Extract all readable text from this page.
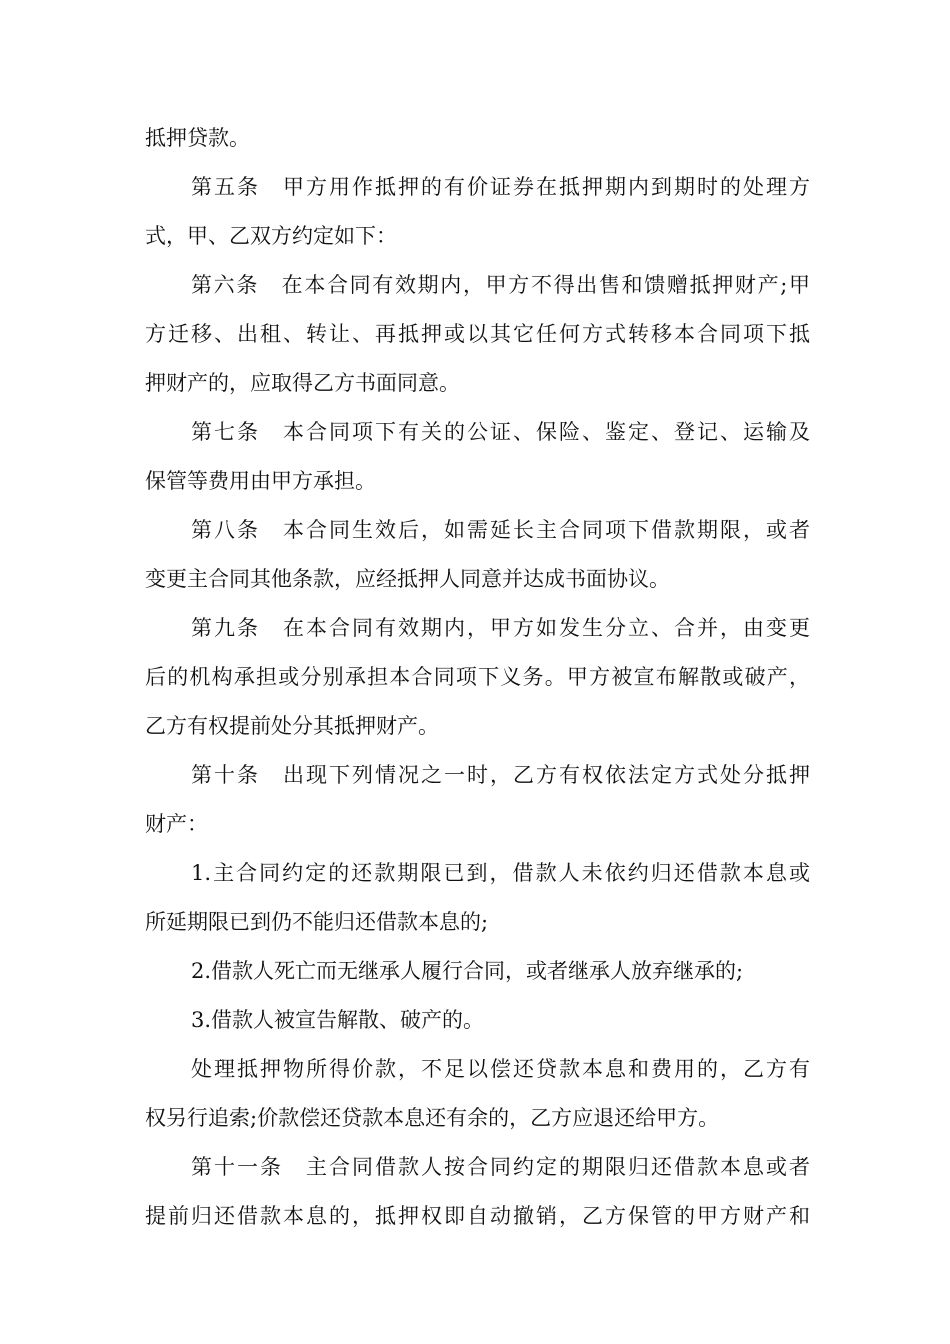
抵押贷款。
第五条　甲方用作抵押的有价证券在抵押期内到期时的处理方
式，甲、乙双方约定如下：
第六条　在本合同有效期内，甲方不得出售和馈赠抵押财产;甲
方迁移、出租、转让、再抵押或以其它任何方式转移本合同项下抵
押财产的，应取得乙方书面同意。
第七条　本合同项下有关的公证、保险、鉴定、登记、运输及
保管等费用由甲方承担。
第八条　本合同生效后，如需延长主合同项下借款期限，或者
变更主合同其他条款，应经抵押人同意并达成书面协议。
第九条　在本合同有效期内，甲方如发生分立、合并，由变更
后的机构承担或分别承担本合同项下义务。甲方被宣布解散或破产，
乙方有权提前处分其抵押财产。
第十条　出现下列情况之一时，乙方有权依法定方式处分抵押
财产：
1.主合同约定的还款期限已到，借款人未依约归还借款本息或
所延期限已到仍不能归还借款本息的;
2.借款人死亡而无继承人履行合同，或者继承人放弃继承的;
3.借款人被宣告解散、破产的。
处理抵押物所得价款，不足以偿还贷款本息和费用的，乙方有
权另行追索;价款偿还贷款本息还有余的，乙方应退还给甲方。
第十一条　主合同借款人按合同约定的期限归还借款本息或者
提前归还借款本息的，抵押权即自动撤销，乙方保管的甲方财产和
